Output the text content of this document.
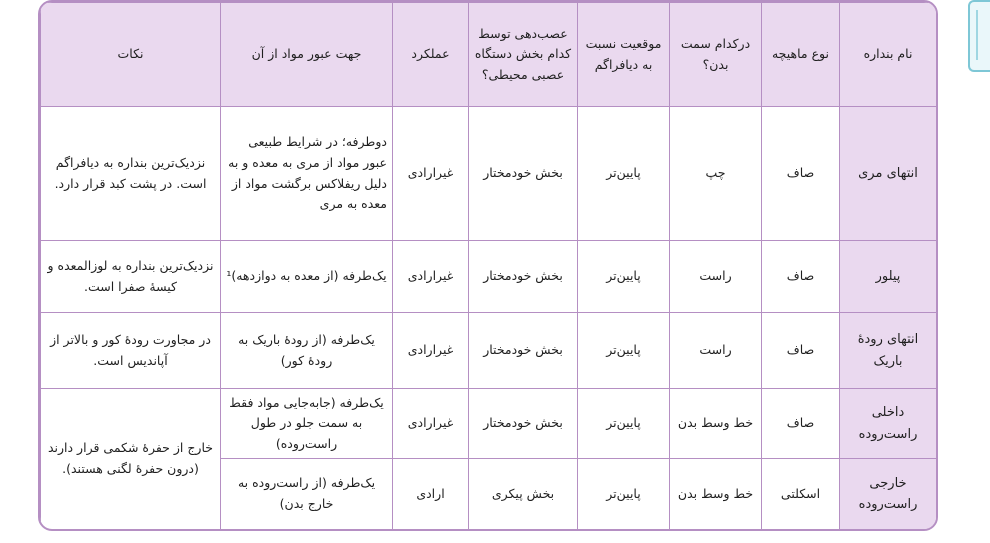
نام بنداره	نوع ماهیچه	درکدام سمت بدن؟	موقعیت نسبت به دیافراگم	عصب‌دهی توسط کدام بخش دستگاه عصبی محیطی؟	عملکرد	جهت عبور مواد از آن	نکات
انتهای مری	صاف	چپ	پایین‌تر	بخش خودمختار	غیرارادی	دوطرفه؛ در شرایط طبیعی عبور مواد از مری به معده و به دلیل ریفلاکس برگشت مواد از معده به مری	نزدیک‌ترین بنداره به دیافراگم است. در پشت کبد قرار دارد.
پیلور	صاف	راست	پایین‌تر	بخش خودمختار	غیرارادی	یک‌طرفه (از معده به دوازدهه)¹	نزدیک‌ترین بنداره به لوزالمعده و کیسهٔ صفرا است.
انتهای رودهٔ باریک	صاف	راست	پایین‌تر	بخش خودمختار	غیرارادی	یک‌طرفه (از رودهٔ باریک به رودهٔ کور)	در مجاورت رودهٔ کور و بالاتر از آپاندیس است.
داخلی راست‌روده	صاف	خط وسط بدن	پایین‌تر	بخش خودمختار	غیرارادی	یک‌طرفه (جابه‌جایی مواد فقط به سمت جلو در طول راست‌روده)	خارج از حفرهٔ شکمی قرار دارند (درون حفرهٔ لگنی هستند).
خارجی راست‌روده	اسکلتی	خط وسط بدن	پایین‌تر	بخش پیکری	ارادی	یک‌طرفه (از راست‌روده به خارج بدن)	
